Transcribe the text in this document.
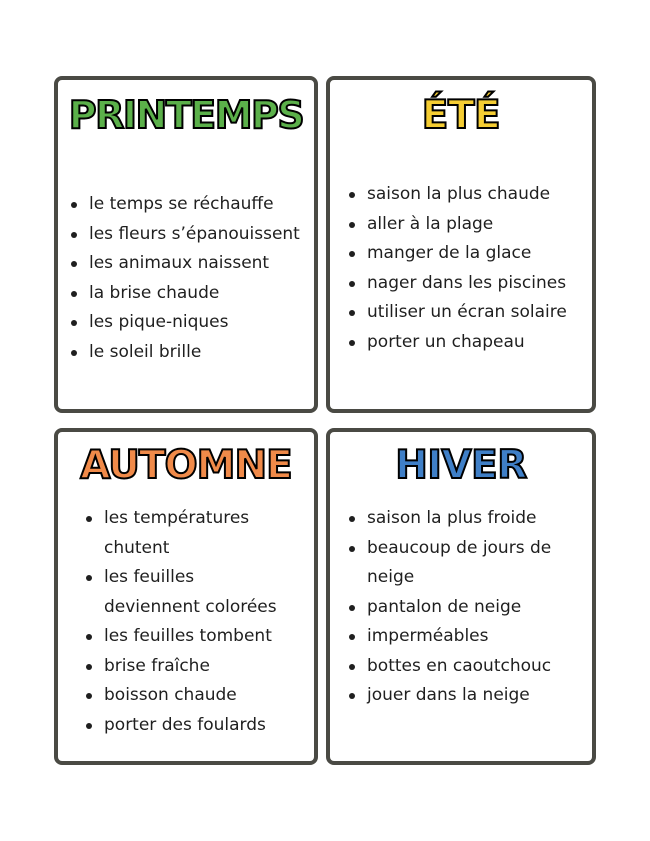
PRINTEMPS
le temps se réchauffe
les fleurs s’épanouissent
les animaux naissent
la brise chaude
les pique-niques
le soleil brille
ÉTÉ
saison la plus chaude
aller à la plage
manger de la glace
nager dans les piscines
utiliser un écran solaire
porter un chapeau
AUTOMNE
les températures chutent
les feuilles deviennent colorées
les feuilles tombent
brise fraîche
boisson chaude
porter des foulards
HIVER
saison la plus froide
beaucoup de jours de neige
pantalon de neige
imperméables
bottes en caoutchouc
jouer dans la neige
